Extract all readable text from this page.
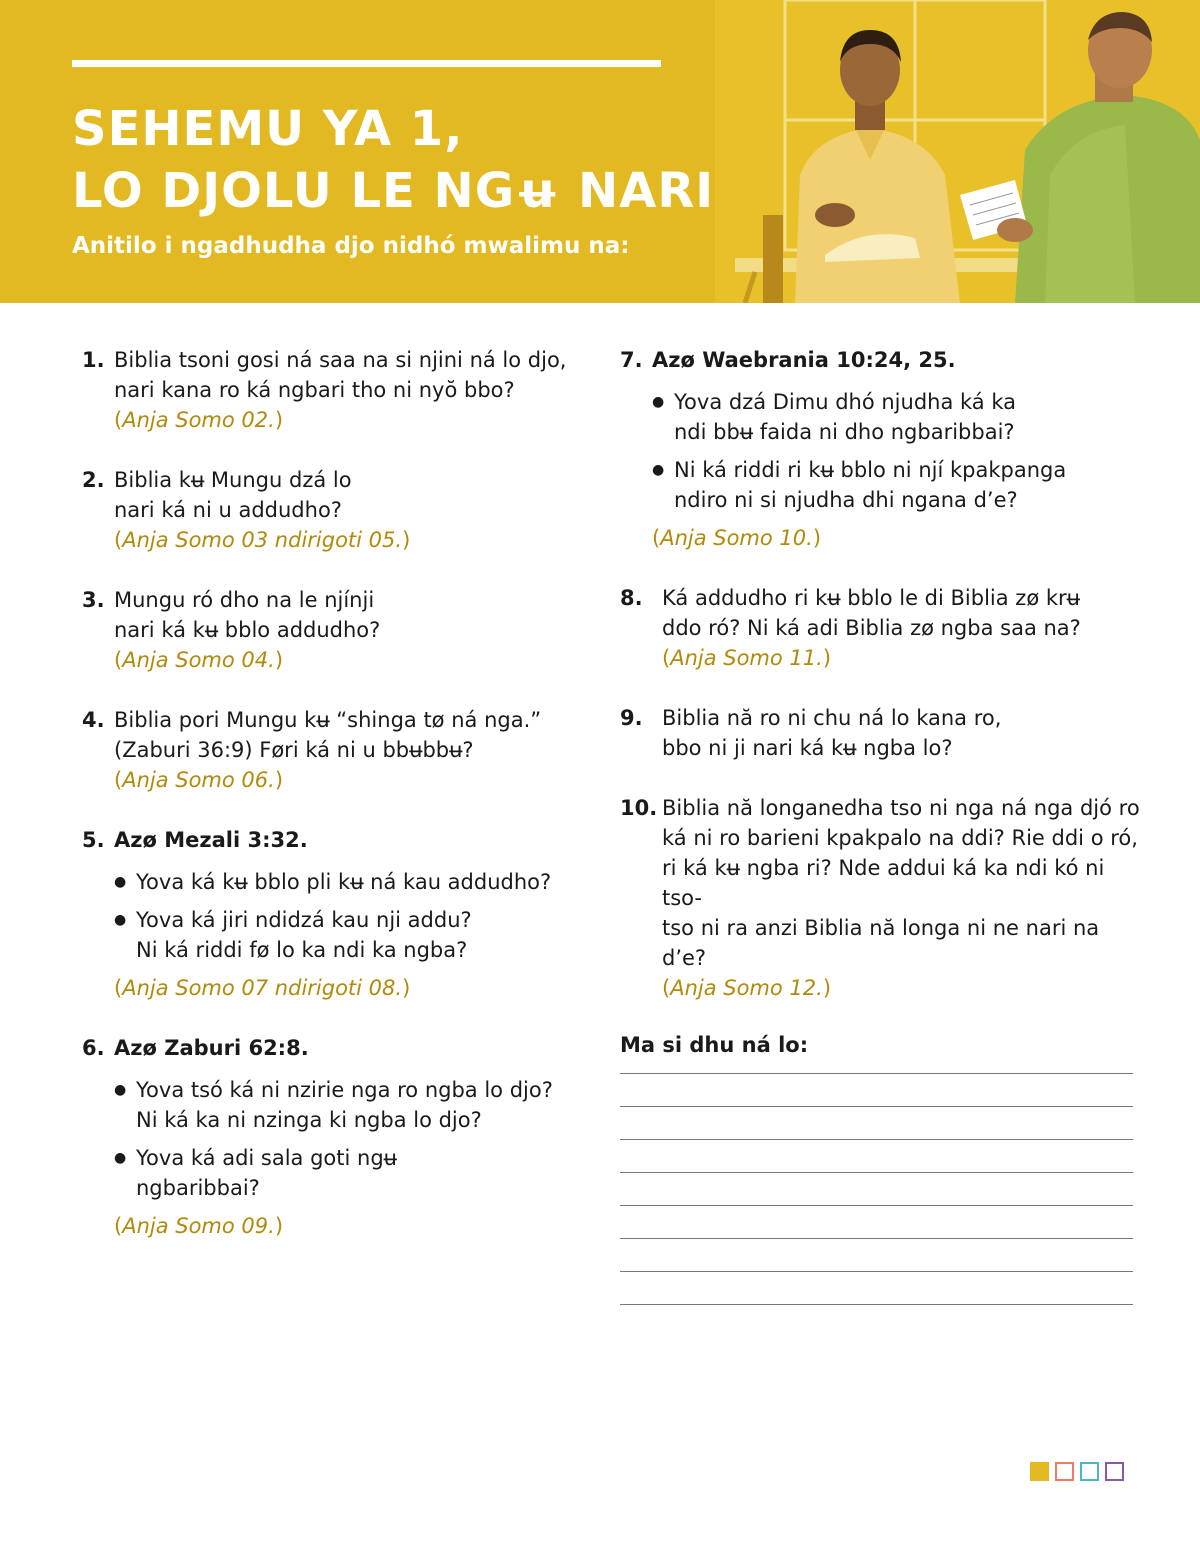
SEHEMU YA 1,
LO DJOLU LE NGʉ NARI
Anitilo i ngadhudha djo nidhó mwalimu na:
1. Biblia tsoni gosi ná saa na si njini ná lo djo,
nari kana ro ká ngbari tho ni nyŏ bbo?
(Anja Somo 02.)
2. Biblia kʉ Mungu dzá lo
nari ká ni u addudho?
(Anja Somo 03 ndirigoti 05.)
3. Mungu ró dho na le njínji
nari ká kʉ bblo addudho?
(Anja Somo 04.)
4. Biblia pori Mungu kʉ “shinga tø ná nga.”
(Zaburi 36:9) Føri ká ni u bbʉbbʉ?
(Anja Somo 06.)
5. Azø Mezali 3:32.
● Yova ká kʉ bblo pli kʉ ná kau addudho?
● Yova ká jiri ndidzá kau nji addu?
Ni ká riddi fø lo ka ndi ka ngba?
(Anja Somo 07 ndirigoti 08.)
6. Azø Zaburi 62:8.
● Yova tsó ká ni nzirie nga ro ngba lo djo?
Ni ká ka ni nzinga ki ngba lo djo?
● Yova ká adi sala goti ngʉ
ngbaribbai?
(Anja Somo 09.)
7. Azø Waebrania 10:24, 25.
● Yova dzá Dimu dhó njudha ká ka
ndi bbʉ faida ni dho ngbaribbai?
● Ni ká riddi ri kʉ bblo ni njí kpakpanga
ndiro ni si njudha dhi ngana d’e?
(Anja Somo 10.)
8. Ká addudho ri kʉ bblo le di Biblia zø krʉ
ddo ró? Ni ká adi Biblia zø ngba saa na?
(Anja Somo 11.)
9. Biblia nă ro ni chu ná lo kana ro,
bbo ni ji nari ká kʉ ngba lo?
10. Biblia nă longanedha tso ni nga ná nga djó ro
ká ni ro barieni kpakpalo na ddi? Rie ddi o ró,
ri ká kʉ ngba ri? Nde addui ká ka ndi kó ni tso-
tso ni ra anzi Biblia nă longa ni ne nari na d’e?
(Anja Somo 12.)
Ma si dhu ná lo:
